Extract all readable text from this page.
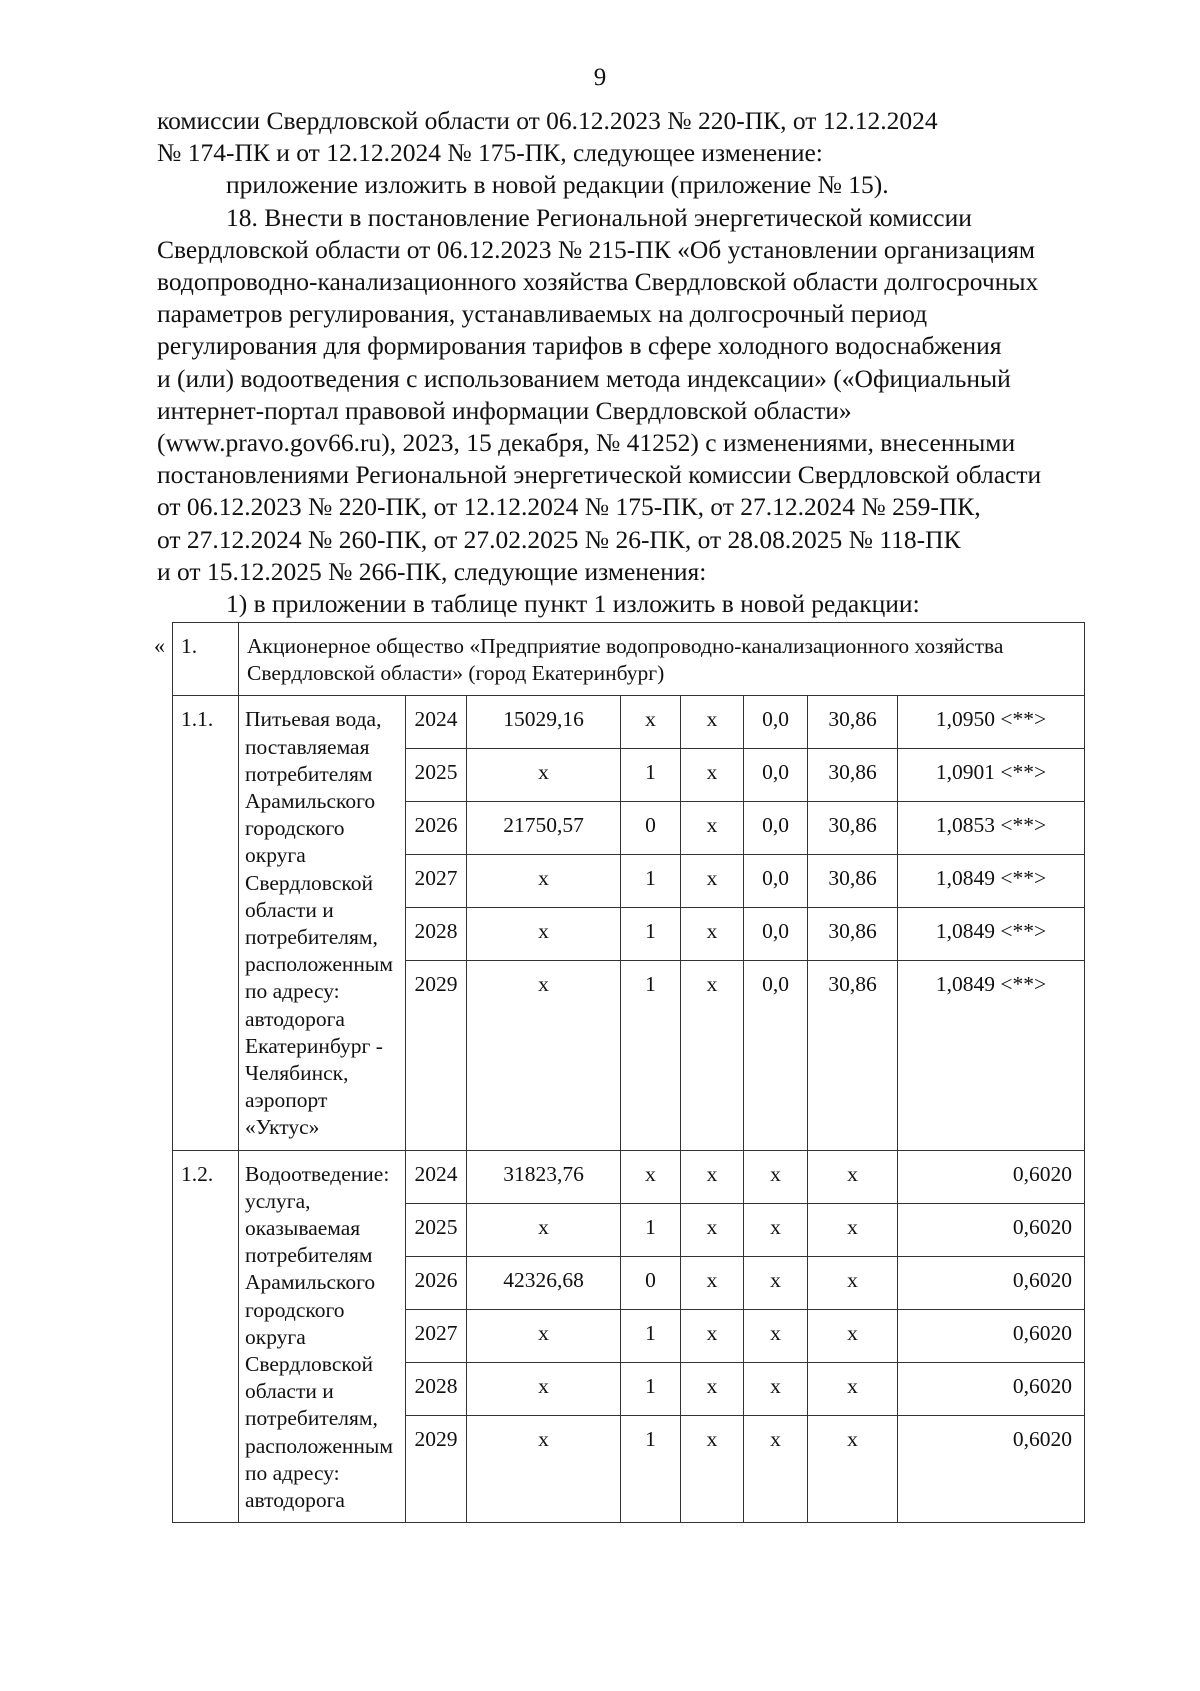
9

комиссии Свердловской области от 06.12.2023 № 220-ПК, от 12.12.2024

№ 174-ПК и от 12.12.2024 № 175-ПК, следующее изменение:

приложение изложить в новой редакции (приложение № 15).

18. Внести в постановление Региональной энергетической комиссии

Свердловской области от 06.12.2023 № 215-ПК «Об установлении организациям

водопроводно-канализационного хозяйства Свердловской области долгосрочных

параметров регулирования, устанавливаемых на долгосрочный период

регулирования для формирования тарифов в сфере холодного водоснабжения

и (или) водоотведения с использованием метода индексации» («Официальный

интернет-портал правовой информации Свердловской области»

(www.pravo.gov66.ru), 2023, 15 декабря, № 41252) с изменениями, внесенными

постановлениями Региональной энергетической комиссии Свердловской области

от 06.12.2023 № 220-ПК, от 12.12.2024 № 175-ПК, от 27.12.2024 № 259-ПК,

от 27.12.2024 № 260-ПК, от 27.02.2025 № 26-ПК, от 28.08.2025 № 118-ПК

и от 15.12.2025 № 266-ПК, следующие изменения:

1) в приложении в таблице пункт 1 изложить в новой редакции:

« 1.	Акционерное общество «Предприятие водопроводно-канализационного хозяйства Свердловской области» (город Екатеринбург)							
1.1.	Питьевая вода, поставляемая потребителям Арамильского городского округа Свердловской области и потребителям, расположенным по адресу: автодорога Екатеринбург - Челябинск, аэропорт «Уктус»	2024	15029,16	x	x	0,0	30,86	1,0950 <**>
		2025	x	1	x	0,0	30,86	1,0901 <**>
		2026	21750,57	0	x	0,0	30,86	1,0853 <**>
		2027	x	1	x	0,0	30,86	1,0849 <**>
		2028	x	1	x	0,0	30,86	1,0849 <**>
		2029	x	1	x	0,0	30,86	1,0849 <**>
1.2.	Водоотведение: услуга, оказываемая потребителям Арамильского городского округа Свердловской области и потребителям, расположенным по адресу: автодорога	2024	31823,76	x	x	x	x	0,6020
		2025	x	1	x	x	x	0,6020
		2026	42326,68	0	x	x	x	0,6020
		2027	x	1	x	x	x	0,6020
		2028	x	1	x	x	x	0,6020
		2029	x	1	x	x	x	0,6020
